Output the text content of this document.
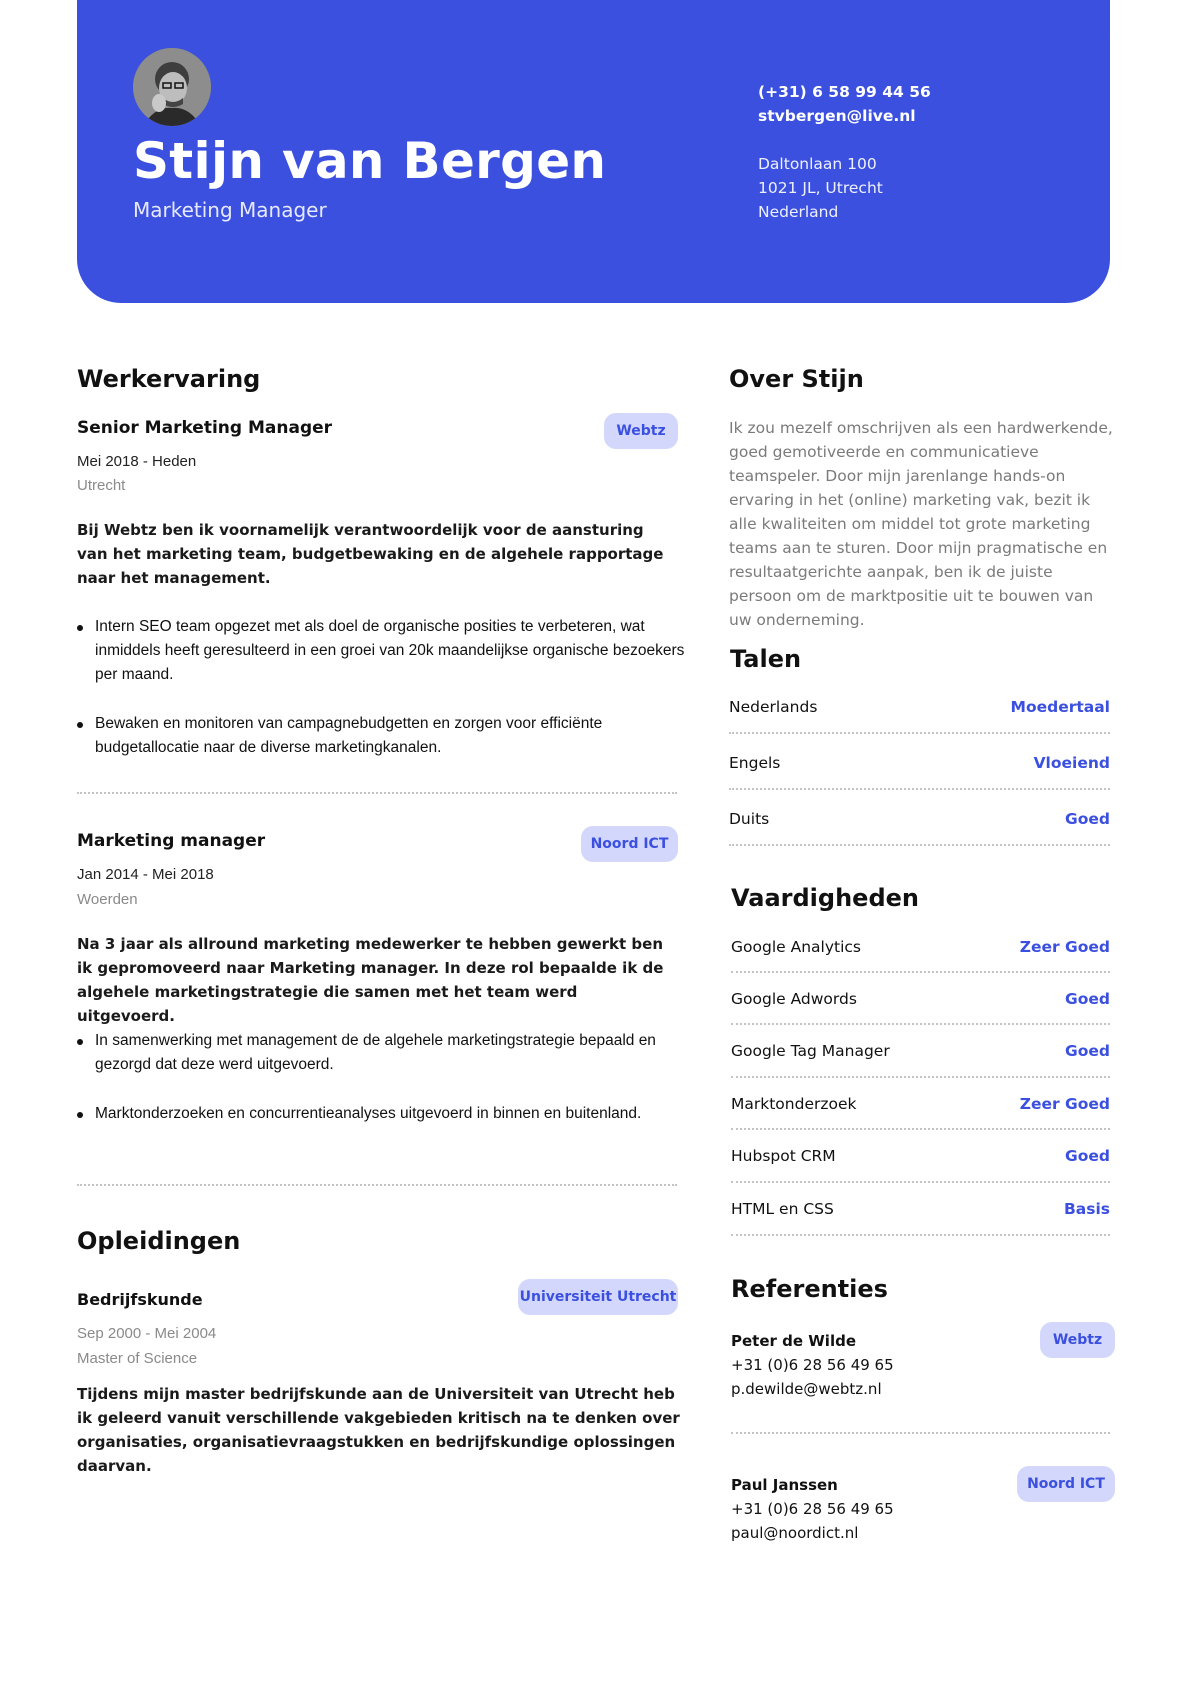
Stijn van Bergen
Marketing Manager
(+31) 6 58 99 44 56
stvbergen@live.nl
Daltonlaan 100
1021 JL, Utrecht
Nederland
Werkervaring
Senior Marketing Manager	Webtz
Mei 2018 - Heden
Utrecht
Bij Webtz ben ik voornamelijk verantwoordelijk voor de aansturing van het marketing team, budgetbewaking en de algehele rapportage naar het management.
Intern SEO team opgezet met als doel de organische posities te verbeteren, wat inmiddels heeft geresulteerd in een groei van 20k maandelijkse organische bezoekers per maand.
Bewaken en monitoren van campagnebudgetten en zorgen voor efficiënte budgetallocatie naar de diverse marketingkanalen.
Marketing manager	Noord ICT
Jan 2014 - Mei 2018
Woerden
Na 3 jaar als allround marketing medewerker te hebben gewerkt ben ik gepromoveerd naar Marketing manager. In deze rol bepaalde ik de algehele marketingstrategie die samen met het team werd uitgevoerd.
In samenwerking met management de de algehele marketingstrategie bepaald en gezorgd dat deze werd uitgevoerd.
Marktonderzoeken en concurrentieanalyses uitgevoerd in binnen en buitenland.
Opleidingen
Bedrijfskunde	Universiteit Utrecht
Sep 2000 - Mei 2004
Master of Science
Tijdens mijn master bedrijfskunde aan de Universiteit van Utrecht heb ik geleerd vanuit verschillende vakgebieden kritisch na te denken over organisaties, organisatievraagstukken en bedrijfskundige oplossingen daarvan.
Over Stijn
Ik zou mezelf omschrijven als een hardwerkende, goed gemotiveerde en communicatieve teamspeler. Door mijn jarenlange hands-on ervaring in het (online) marketing vak, bezit ik alle kwaliteiten om middel tot grote marketing teams aan te sturen. Door mijn pragmatische en resultaatgerichte aanpak, ben ik de juiste persoon om de marktpositie uit te bouwen van uw onderneming.
Talen
Nederlands	Moedertaal
Engels	Vloeiend
Duits	Goed
Vaardigheden
Google Analytics	Zeer Goed
Google Adwords	Goed
Google Tag Manager	Goed
Marktonderzoek	Zeer Goed
Hubspot CRM	Goed
HTML en CSS	Basis
Referenties
Peter de Wilde	Webtz
+31 (0)6 28 56 49 65
p.dewilde@webtz.nl
Paul Janssen	Noord ICT
+31 (0)6 28 56 49 65
paul@noordict.nl
